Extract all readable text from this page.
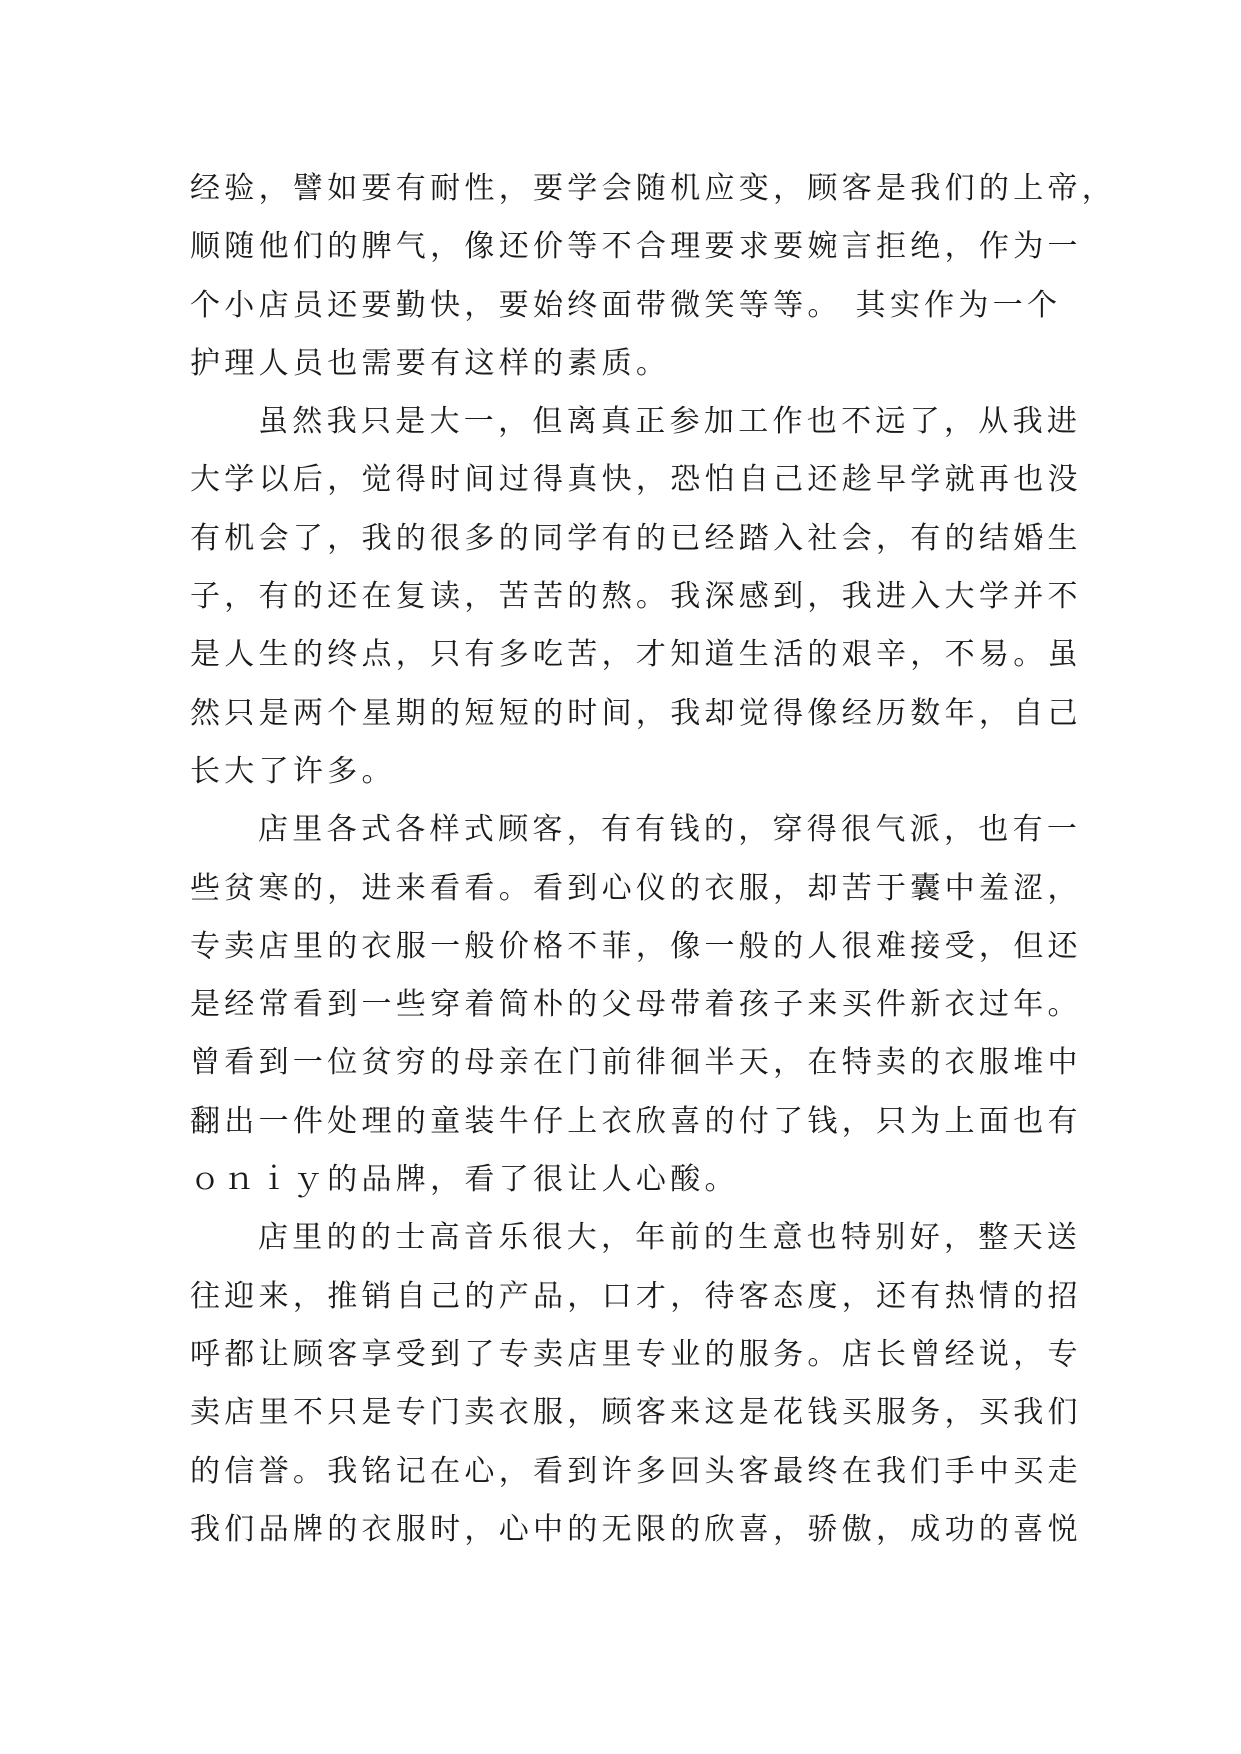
经验，譬如要有耐性，要学会随机应变，顾客是我们的上帝，
顺随他们的脾气，像还价等不合理要求要婉言拒绝，作为一
个小店员还要勤快，要始终面带微笑等等。 其实作为一个
护理人员也需要有这样的素质。
虽然我只是大一，但离真正参加工作也不远了，从我进
大学以后，觉得时间过得真快，恐怕自己还趁早学就再也没
有机会了，我的很多的同学有的已经踏入社会，有的结婚生
子，有的还在复读，苦苦的熬。我深感到，我进入大学并不
是人生的终点，只有多吃苦，才知道生活的艰辛，不易。虽
然只是两个星期的短短的时间，我却觉得像经历数年，自己
长大了许多。
店里各式各样式顾客，有有钱的，穿得很气派，也有一
些贫寒的，进来看看。看到心仪的衣服，却苦于囊中羞涩，
专卖店里的衣服一般价格不菲，像一般的人很难接受，但还
是经常看到一些穿着简朴的父母带着孩子来买件新衣过年。
曾看到一位贫穷的母亲在门前徘徊半天，在特卖的衣服堆中
翻出一件处理的童装牛仔上衣欣喜的付了钱，只为上面也有
ｏｎｉｙ的品牌，看了很让人心酸。
店里的的士高音乐很大，年前的生意也特别好，整天送
往迎来，推销自己的产品，口才，待客态度，还有热情的招
呼都让顾客享受到了专卖店里专业的服务。店长曾经说，专
卖店里不只是专门卖衣服，顾客来这是花钱买服务，买我们
的信誉。我铭记在心，看到许多回头客最终在我们手中买走
我们品牌的衣服时，心中的无限的欣喜，骄傲，成功的喜悦
